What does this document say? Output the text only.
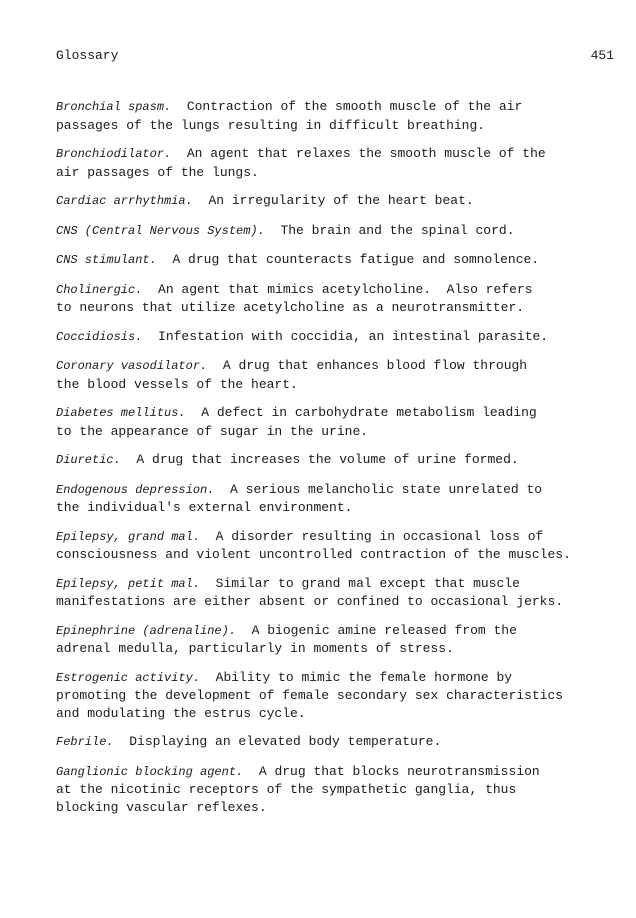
Glossary	451
Bronchial spasm. Contraction of the smooth muscle of the air
passages of the lungs resulting in difficult breathing.
Bronchiodilator. An agent that relaxes the smooth muscle of the
air passages of the lungs.
Cardiac arrhythmia. An irregularity of the heart beat.
CNS (Central Nervous System). The brain and the spinal cord.
CNS stimulant. A drug that counteracts fatigue and somnolence.
Cholinergic. An agent that mimics acetylcholine.  Also refers
to neurons that utilize acetylcholine as a neurotransmitter.
Coccidiosis. Infestation with coccidia, an intestinal parasite.
Coronary vasodilator. A drug that enhances blood flow through
the blood vessels of the heart.
Diabetes mellitus. A defect in carbohydrate metabolism leading
to the appearance of sugar in the urine.
Diuretic. A drug that increases the volume of urine formed.
Endogenous depression. A serious melancholic state unrelated to
the individual's external environment.
Epilepsy, grand mal. A disorder resulting in occasional loss of
consciousness and violent uncontrolled contraction of the muscles.
Epilepsy, petit mal. Similar to grand mal except that muscle
manifestations are either absent or confined to occasional jerks.
Epinephrine (adrenaline). A biogenic amine released from the
adrenal medulla, particularly in moments of stress.
Estrogenic activity. Ability to mimic the female hormone by
promoting the development of female secondary sex characteristics
and modulating the estrus cycle.
Febrile. Displaying an elevated body temperature.
Ganglionic blocking agent. A drug that blocks neurotransmission
at the nicotinic receptors of the sympathetic ganglia, thus
blocking vascular reflexes.
